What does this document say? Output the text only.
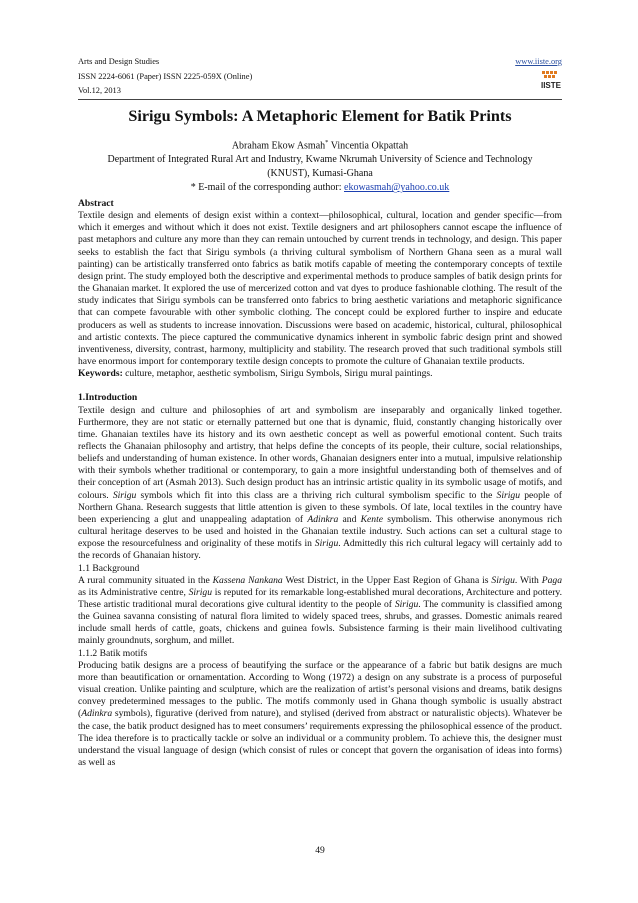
Arts and Design Studies
ISSN 2224-6061 (Paper) ISSN 2225-059X (Online)
Vol.12, 2013
www.iiste.org
IISTE
Sirigu Symbols: A Metaphoric Element for Batik Prints
Abraham Ekow Asmah* Vincentia Okpattah
Department of Integrated Rural Art and Industry, Kwame Nkrumah University of Science and Technology
(KNUST), Kumasi-Ghana
* E-mail of the corresponding author: ekowasmah@yahoo.co.uk

Abstract

Textile design and elements of design exist within a context—philosophical, cultural, location and gender specific—from which it emerges and without which it does not exist. Textile designers and art philosophers cannot escape the influence of past metaphors and culture any more than they can remain untouched by current trends in technology, and design. This paper seeks to establish the fact that Sirigu symbols (a thriving cultural symbolism of Northern Ghana seen as a mural wall painting) can be artistically transferred onto fabrics as batik motifs capable of meeting the contemporary concepts of textile design print. The study employed both the descriptive and experimental methods to produce samples of batik design prints for the Ghanaian market. It explored the use of mercerized cotton and vat dyes to produce fashionable clothing. The result of the study indicates that Sirigu symbols can be transferred onto fabrics to bring aesthetic variations and metaphoric significance that can compete favourable with other symbolic clothing. The concept could be explored further to inspire and educate producers as well as students to increase innovation. Discussions were based on academic, historical, cultural, philosophical and artistic contexts. The piece captured the communicative dynamics inherent in symbolic fabric design print and showed inventiveness, diversity, contrast, harmony, multiplicity and stability. The research proved that such traditional symbols still have enormous import for contemporary textile design concepts to promote the culture of Ghanaian textile products.

Keywords: culture, metaphor, aesthetic symbolism, Sirigu Symbols, Sirigu mural paintings.

1.Introduction

Textile design and culture and philosophies of art and symbolism are inseparably and organically linked together. Furthermore, they are not static or eternally patterned but one that is dynamic, fluid, constantly changing historically over time. Ghanaian textiles have its history and its own aesthetic concept as well as powerful emotional content. Such traits reflects the Ghanaian philosophy and artistry, that helps define the concepts of its people, their culture, social relationships, beliefs and understanding of human existence. In other words, Ghanaian designers enter into a mutual, impulsive relationship with their symbols whether traditional or contemporary, to gain a more insightful understanding both of themselves and of their conception of art (Asmah 2013). Such design product has an intrinsic artistic quality in its symbolic usage of motifs, and colours. Sirigu symbols which fit into this class are a thriving rich cultural symbolism specific to the Sirigu people of Northern Ghana. Research suggests that little attention is given to these symbols. Of late, local textiles in the country have been experiencing a glut and unappealing adaptation of Adinkra and Kente symbolism. This otherwise anonymous rich cultural heritage deserves to be used and hoisted in the Ghanaian textile industry. Such actions can set a cultural stage to expose the resourcefulness and originality of these motifs in Sirigu. Admittedly this rich cultural legacy will certainly add to the records of Ghanaian history.

1.1 Background

A rural community situated in the Kassena Nankana West District, in the Upper East Region of Ghana is Sirigu. With Paga as its Administrative centre, Sirigu is reputed for its remarkable long-established mural decorations, Architecture and pottery. These artistic traditional mural decorations give cultural identity to the people of Sirigu. The community is classified among the Guinea savanna consisting of natural flora limited to widely spaced trees, shrubs, and grasses. Domestic animals reared include small herds of cattle, goats, chickens and guinea fowls. Subsistence farming is their main livelihood cultivating mainly groundnuts, sorghum, and millet.

1.1.2 Batik motifs

Producing batik designs are a process of beautifying the surface or the appearance of a fabric but batik designs are much more than beautification or ornamentation. According to Wong (1972) a design on any substrate is a process of purposeful visual creation. Unlike painting and sculpture, which are the realization of artist’s personal visions and dreams, batik designs convey predetermined messages to the public. The motifs commonly used in Ghana though symbolic is usually abstract (Adinkra symbols), figurative (derived from nature), and stylised (derived from abstract or naturalistic objects). Whatever be the case, the batik product designed has to meet consumers’ requirements expressing the philosophical essence of the product. The idea therefore is to practically tackle or solve an individual or a community problem. To achieve this, the designer must understand the visual language of design (which consist of rules or concept that govern the organisation of ideas into forms) as well as

49
